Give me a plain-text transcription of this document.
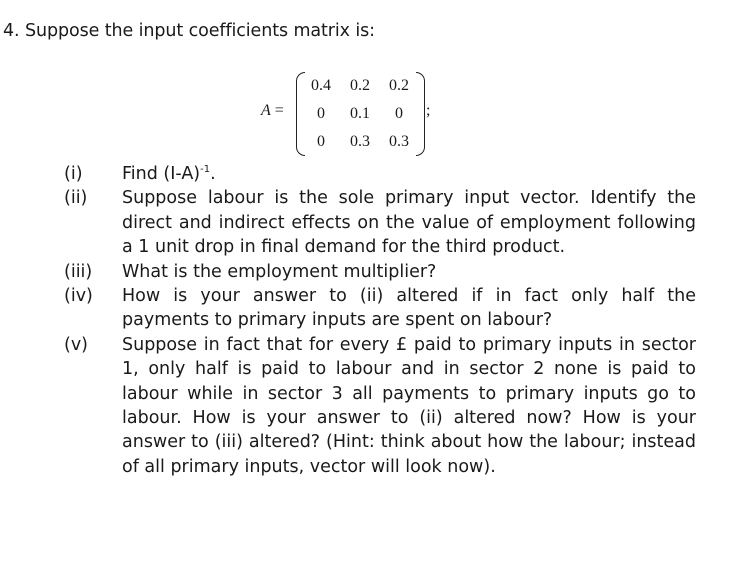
4. Suppose the input coefficients matrix is:
A =
0.4	0.2	0.2
0	0.1	0
0	0.3	0.3
;
(i)	Find $(I-A)^{-1}$.
(ii)	Suppose labour is the sole primary input vector. Identify the direct and indirect effects on the value of employment following a 1 unit drop in final demand for the third product.
(iii)	What is the employment multiplier?
(iv)	How is your answer to (ii) altered if in fact only half the payments to primary inputs are spent on labour?
(v)	Suppose in fact that for every £ paid to primary inputs in sector 1, only half is paid to labour and in sector 2 none is paid to labour while in sector 3 all payments to primary inputs go to labour. How is your answer to (ii) altered now? How is your answer to (iii) altered? (Hint: think about how the labour; instead of all primary inputs, vector will look now).
